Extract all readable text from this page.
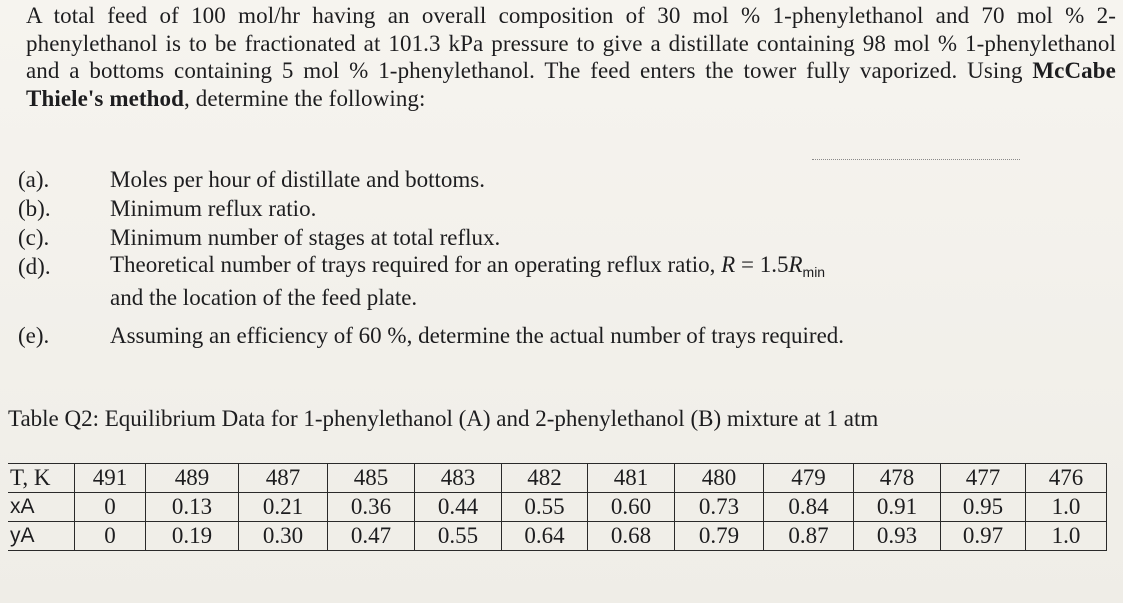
A total feed of 100 mol/hr having an overall composition of 30 mol % 1-phenylethanol and 70 mol % 2-phenylethanol is to be fractionated at 101.3 kPa pressure to give a distillate containing 98 mol % 1-phenylethanol and a bottoms containing 5 mol % 1-phenylethanol. The feed enters the tower fully vaporized. Using McCabe Thiele's method, determine the following:
(a).	Moles per hour of distillate and bottoms.
(b).	Minimum reflux ratio.
(c).	Minimum number of stages at total reflux.
(d).	Theoretical number of trays required for an operating reflux ratio, $R = 1.5R_{min}$
and the location of the feed plate.
(e).	Assuming an efficiency of 60 %, determine the actual number of trays required.
Table Q2: Equilibrium Data for 1-phenylethanol (A) and 2-phenylethanol (B) mixture at 1 atm
T, K	491	489	487	485	483	482	481	480	479	478	477	476
xA	0	0.13	0.21	0.36	0.44	0.55	0.60	0.73	0.84	0.91	0.95	1.0
yA	0	0.19	0.30	0.47	0.55	0.64	0.68	0.79	0.87	0.93	0.97	1.0
